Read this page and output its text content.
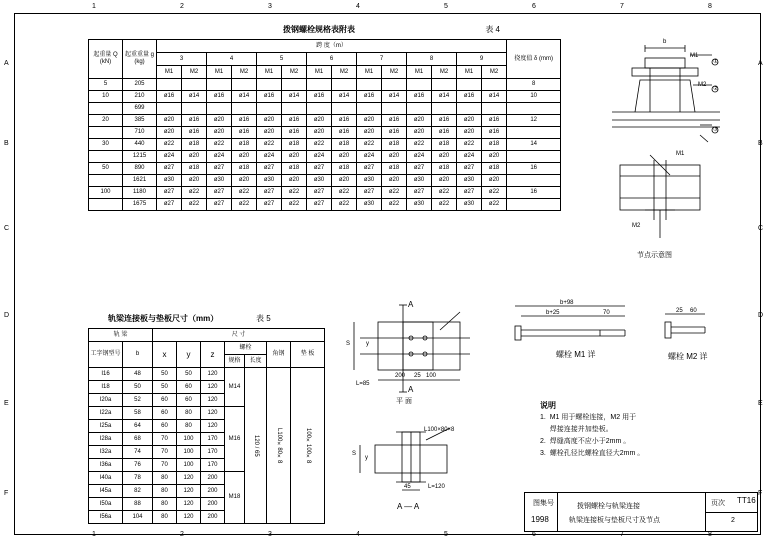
1	2	3	4	5	6	7	8
1	2	3	4	5	6	7	8
A
B
C
D
E
F
A
B
C
D
E
F
拨钢螺栓规格表附表	表 4
起重量 Q (kN)	起重重量 g (kg)	跨 度（m）														挠度值 δ (mm)
		3		4		5		6		7		8		9		
		M1	M2	M1	M2	M1	M2	M1	M2	M1	M2	M1	M2	M1	M2	
5	205															8
10	210	ø16	ø14	ø16	ø14	ø16	ø14	ø16	ø14	ø16	ø14	ø16	ø14	ø16	ø14	10
	699															
20	385	ø20	ø16	ø20	ø16	ø20	ø16	ø20	ø16	ø20	ø16	ø20	ø16	ø20	ø16	12
	710	ø20	ø16	ø20	ø16	ø20	ø16	ø20	ø16	ø20	ø16	ø20	ø16	ø20	ø16	
30	440	ø22	ø18	ø22	ø18	ø22	ø18	ø22	ø18	ø22	ø18	ø22	ø18	ø22	ø18	14
	1215	ø24	ø20	ø24	ø20	ø24	ø20	ø24	ø20	ø24	ø20	ø24	ø20	ø24	ø20	
50	890	ø27	ø18	ø27	ø18	ø27	ø18	ø27	ø18	ø27	ø18	ø27	ø18	ø27	ø18	16
	1621	ø30	ø20	ø30	ø20	ø30	ø20	ø30	ø20	ø30	ø20	ø30	ø20	ø30	ø20	
100	1180	ø27	ø22	ø27	ø22	ø27	ø22	ø27	ø22	ø27	ø22	ø27	ø22	ø27	ø22	16
	1675	ø27	ø22	ø27	ø22	ø27	ø22	ø27	ø22	ø30	ø22	ø30	ø22	ø30	ø22	
轨梁连接板与垫板尺寸（mm）	表 5
轨 梁		尺 寸						
工字钢型号	b	x	y	z	螺栓		角钢	垫 板
					规格	长度		
I16	48	50	50	120	M14	120 / 65	L100×80×8	100×100×8
I18	50	50	60	120				
I20a	52	60	60	120				
I22a	58	60	80	120	M16			
I25a	64	60	80	120				
I28a	68	70	100	170				
I32a	74	70	100	170				
I36a	76	70	100	170				
I40a	78	80	120	200	M18			
I45a	82	80	120	200				
I50a	88	80	120	200				
I56a	104	80	120	200				
b
M1
①
M2
②
③
M1
M2
节点示意图
A
A
S	y
200 25 100
L=85
平 面
L100×80×8
S
y
45	L=120
A — A
b+98
b+25	70
螺栓 M1 详
25 60
螺栓 M2 详
说明
1.  M1 用于螺栓连接，M2 用于
焊接连接并加垫板。
2.  焊缝高度不应小于2mm 。
3.  螺栓孔径比螺栓直径大2mm 。
图集号
1998
拨钢螺栓与轨梁连接
轨梁连接板与垫板尺寸及节点
页次 TT16
2
